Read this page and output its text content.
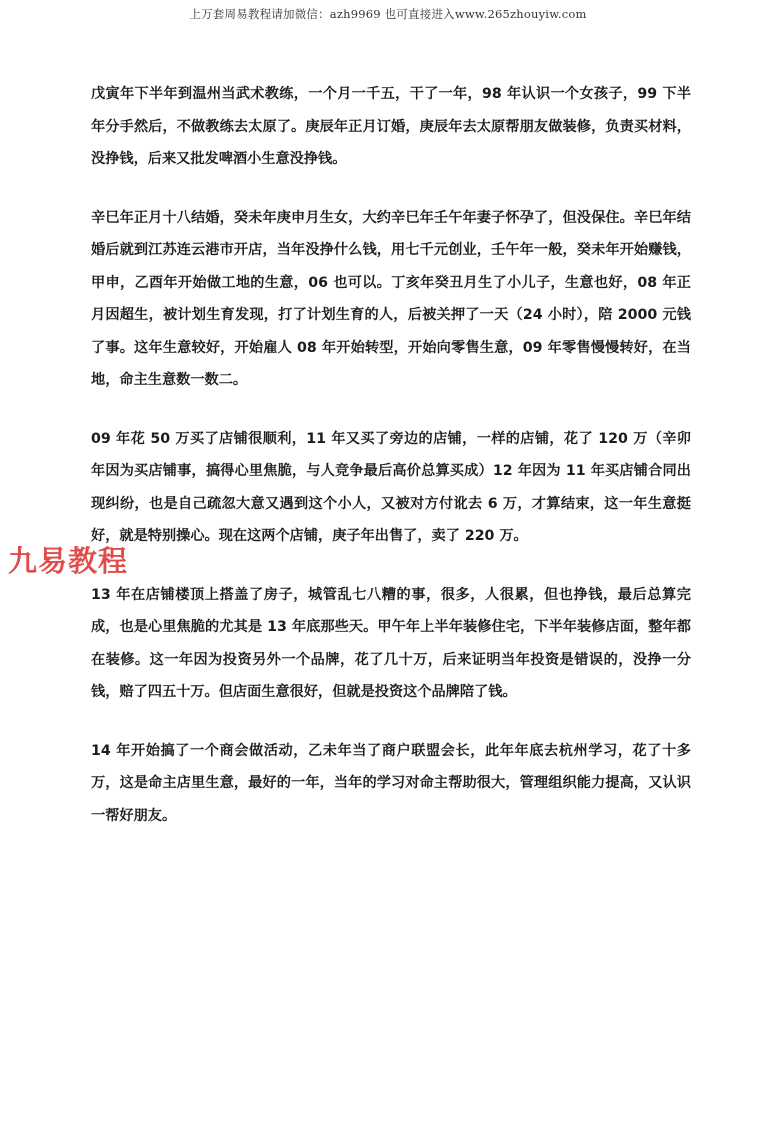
上万套周易教程请加微信：azh9969 也可直接进入www.265zhouyiw.com

戊寅年下半年到温州当武术教练，一个月一千五，干了一年，98 年认识一个女孩子，99 下半年分手然后，不做教练去太原了。庚辰年正月订婚，庚辰年去太原帮朋友做装修，负责买材料，没挣钱，后来又批发啤酒小生意没挣钱。

辛巳年正月十八结婚，癸未年庚申月生女，大约辛巳年壬午年妻子怀孕了，但没保住。辛巳年结婚后就到江苏连云港市开店，当年没挣什么钱，用七千元创业，壬午年一般，癸未年开始赚钱，甲申，乙酉年开始做工地的生意，06 也可以。丁亥年癸丑月生了小儿子，生意也好，08 年正月因超生，被计划生育发现，打了计划生育的人，后被关押了一天（24 小时），陪 2000 元钱了事。这年生意较好，开始雇人 08 年开始转型，开始向零售生意，09 年零售慢慢转好，在当地，命主生意数一数二。

09 年花 50 万买了店铺很顺利，11 年又买了旁边的店铺，一样的店铺，花了 120 万（辛卯年因为买店铺事，搞得心里焦脆，与人竞争最后高价总算买成）12 年因为 11 年买店铺合同出现纠纷，也是自己疏忽大意又遇到这个小人，又被对方付讹去 6 万，才算结束，这一年生意挺好，就是特别操心。现在这两个店铺，庚子年出售了，卖了 220 万。

13 年在店铺楼顶上搭盖了房子，城管乱七八糟的事，很多，人很累，但也挣钱，最后总算完成，也是心里焦脆的尤其是 13 年底那些天。甲午年上半年装修住宅，下半年装修店面，整年都在装修。这一年因为投资另外一个品牌，花了几十万，后来证明当年投资是错误的，没挣一分钱，赔了四五十万。但店面生意很好，但就是投资这个品牌陪了钱。

14 年开始搞了一个商会做活动，乙未年当了商户联盟会长，此年年底去杭州学习，花了十多万，这是命主店里生意，最好的一年，当年的学习对命主帮助很大，管理组织能力提高，又认识一帮好朋友。

九易教程
